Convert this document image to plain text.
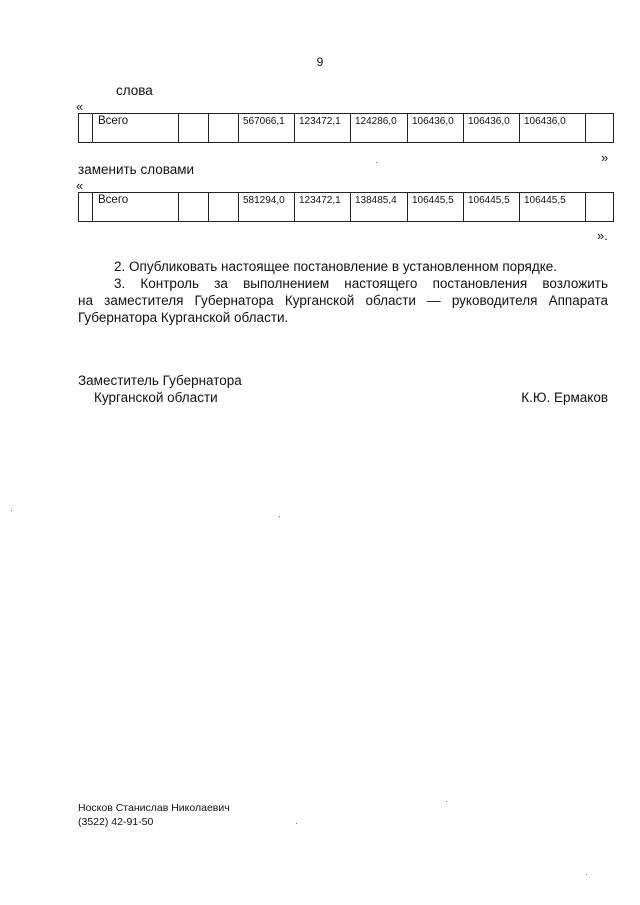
9
слова
«
	Всего			567066,1	123472,1	124286,0	106436,0	106436,0	106436,0	
»
заменить словами
«
	Всего			581294,0	123472,1	138485,4	106445,5	106445,5	106445,5	
».
2. Опубликовать настоящее постановление в установленном порядке.
3. Контроль за выполнением настоящего постановления возложить
на заместителя Губернатора Курганской области — руководителя Аппарата
Губернатора Курганской области.
Заместитель Губернатора
Курганской области	К.Ю. Ермаков
Носков Станислав Николаевич
(3522) 42-91-50
